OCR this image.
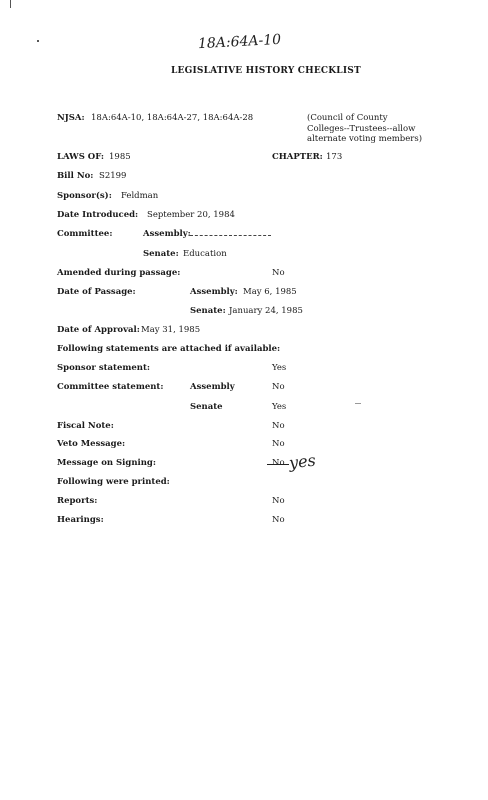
18A:64A-10
LEGISLATIVE HISTORY CHECKLIST
NJSA: 18A:64A-10, 18A:64A-27, 18A:64A-28	(Council of County
Colleges--Trustees--allow
alternate voting members)
LAWS OF: 1985	CHAPTER: 173
Bill No: S2199
Sponsor(s): Feldman
Date Introduced: September 20, 1984
Committee:	Assembly:
Senate: Education
Amended during passage:	No
Date of Passage:	Assembly: May 6, 1985
Senate: January 24, 1985
Date of Approval: May 31, 1985
Following statements are attached if available:
Sponsor statement:	Yes
Committee statement:	Assembly	No
Senate	Yes
Fiscal Note:	No
Veto Message:	No
Message on Signing:	No yes
Following were printed:
Reports:	No
Hearings:	No
